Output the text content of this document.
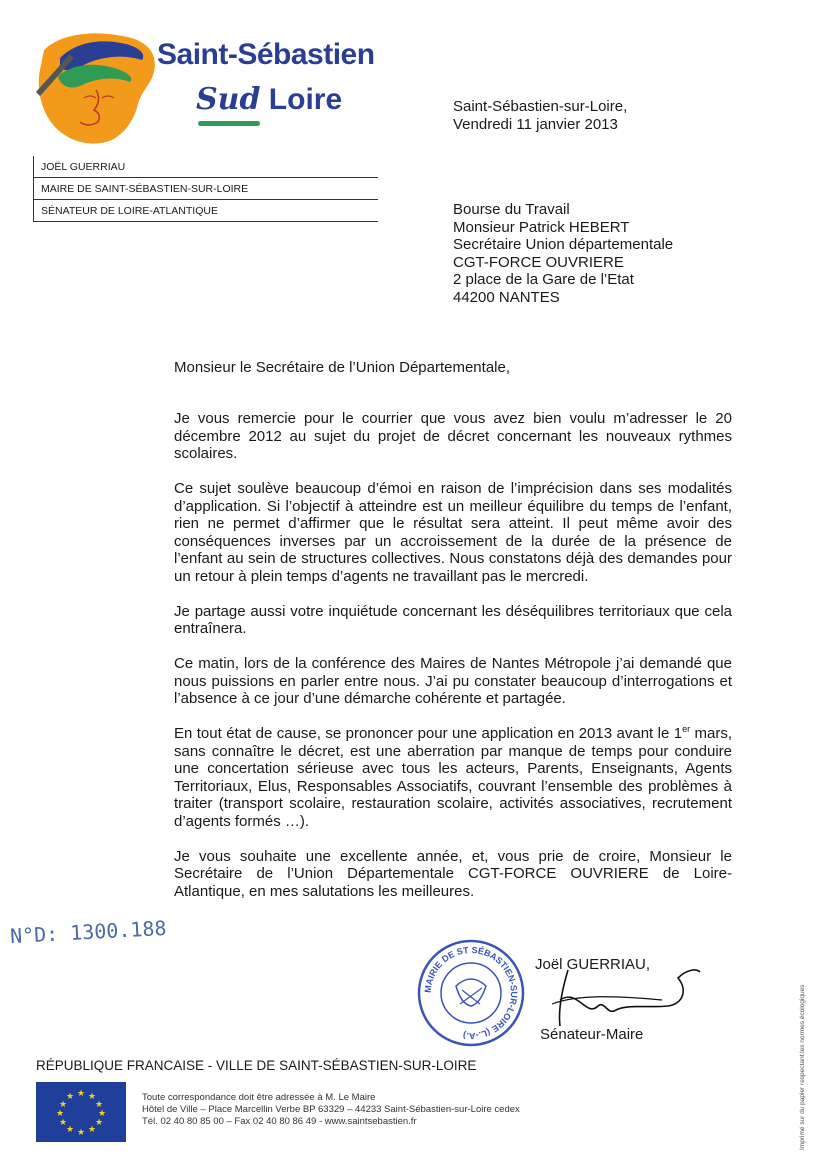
Saint-Sébastien
Sud Loire
JOËL GUERRIAU
MAIRE DE SAINT-SÉBASTIEN-SUR-LOIRE
SÉNATEUR DE LOIRE-ATLANTIQUE
Saint-Sébastien-sur-Loire,
Vendredi 11 janvier 2013
Bourse du Travail
Monsieur Patrick HEBERT
Secrétaire Union départementale
CGT-FORCE OUVRIERE
2 place de la Gare de l’Etat
44200 NANTES
Monsieur le Secrétaire de l’Union Départementale,

Je vous remercie pour le courrier que vous avez bien voulu m’adresser le 20 décembre 2012 au sujet du projet de décret concernant les nouveaux rythmes scolaires.

Ce sujet soulève beaucoup d’émoi en raison de l’imprécision dans ses modalités d’application. Si l’objectif à atteindre est un meilleur équilibre du temps de l’enfant, rien ne permet d’affirmer que le résultat sera atteint. Il peut même avoir des conséquences inverses par un accroissement de la durée de la présence de l’enfant au sein de structures collectives. Nous constatons déjà des demandes pour un retour à plein temps d’agents ne travaillant pas le mercredi.

Je partage aussi votre inquiétude concernant les déséquilibres territoriaux que cela entraînera.

Ce matin, lors de la conférence des Maires de Nantes Métropole j’ai demandé que nous puissions en parler entre nous. J’ai pu constater beaucoup d’interrogations et l’absence à ce jour d’une démarche cohérente et partagée.

En tout état de cause, se prononcer pour une application en 2013 avant le 1er mars, sans connaître le décret, est une aberration par manque de temps pour conduire une concertation sérieuse avec tous les acteurs, Parents, Enseignants, Agents Territoriaux, Elus, Responsables Associatifs, couvrant l’ensemble des problèmes à traiter (transport scolaire, restauration scolaire, activités associatives, recrutement d’agents formés …).

Je vous souhaite une excellente année, et, vous prie de croire, Monsieur le Secrétaire de l’Union Départementale CGT-FORCE OUVRIERE de Loire-Atlantique, en mes salutations les meilleures.

N°D: 1300.188
MAIRIE DE ST SÉBASTIEN-SUR-LOIRE (L.-A.)
Joël GUERRIAU,
Sénateur-Maire
RÉPUBLIQUE FRANCAISE - VILLE DE SAINT-SÉBASTIEN-SUR-LOIRE
★ ★
★
★
★
★
★
★
★
★
★
★	Toute correspondance doit être adressée à M. Le Maire
Hôtel de Ville – Place Marcellin Verbe BP 63329 – 44233 Saint-Sébastien-sur-Loire cedex
Tél. 02 40 80 85 00 – Fax 02 40 80 86 49 - www.saintsebastien.fr	Imprimé sur du papier respectant les normes écologiques
